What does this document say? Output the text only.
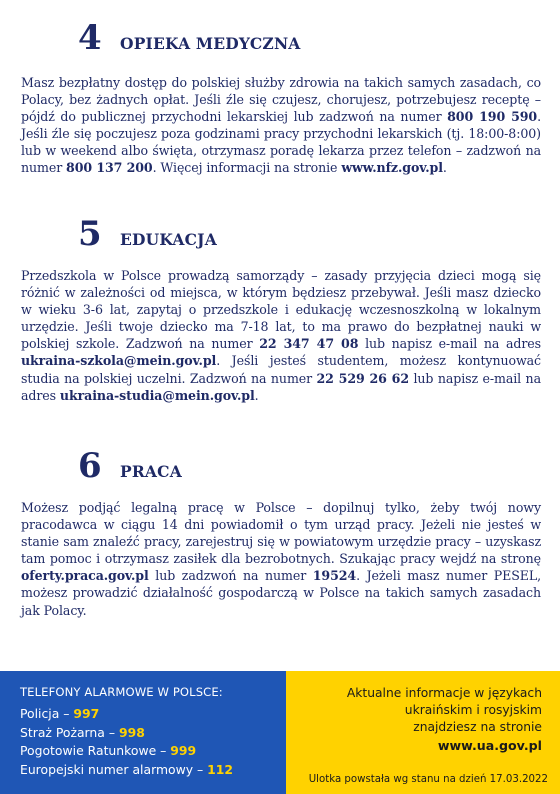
4	OPIEKA MEDYCZNA

Masz bezpłatny dostęp do polskiej służby zdrowia na takich samych zasadach, co Polacy, bez żadnych opłat. Jeśli źle się czujesz, chorujesz, potrzebujesz receptę – pójdź do publicznej przychodni lekarskiej lub zadzwoń na numer 800 190 590. Jeśli źle się poczujesz poza godzinami pracy przychodni lekarskich (tj. 18:00-8:00) lub w weekend albo święta, otrzymasz poradę lekarza przez telefon – zadzwoń na numer 800 137 200. Więcej informacji na stronie www.nfz.gov.pl.

5	EDUKACJA

Przedszkola w Polsce prowadzą samorządy – zasady przyjęcia dzieci mogą się różnić w zależności od miejsca, w którym będziesz przebywał. Jeśli masz dziecko w wieku 3-6 lat, zapytaj o przedszkole i edukację wczesnoszkolną w lokalnym urzędzie. Jeśli twoje dziecko ma 7-18 lat, to ma prawo do bezpłatnej nauki w polskiej szkole. Zadzwoń na numer 22 347 47 08 lub napisz e-mail na adres ukraina-szkola@mein.gov.pl. Jeśli jesteś studentem, możesz kontynuować studia na polskiej uczelni. Zadzwoń na numer 22 529 26 62 lub napisz e-mail na adres ukraina-studia@mein.gov.pl.

6	PRACA

Możesz podjąć legalną pracę w Polsce – dopilnuj tylko, żeby twój nowy pracodawca w ciągu 14 dni powiadomił o tym urząd pracy. Jeżeli nie jesteś w stanie sam znaleźć pracy, zarejestruj się w powiatowym urzędzie pracy – uzyskasz tam pomoc i otrzymasz zasiłek dla bezrobotnych. Szukając pracy wejdź na stronę oferty.praca.gov.pl lub zadzwoń na numer 19524. Jeżeli masz numer PESEL, możesz prowadzić działalność gospodarczą w Polsce na takich samych zasadach jak Polacy.

TELEFONY ALARMOWE W POLSCE:
Policja – 997
Straż Pożarna – 998
Pogotowie Ratunkowe – 999
Europejski numer alarmowy – 112
Aktualne informacje w językach
ukraińskim i rosyjskim
znajdziesz na stronie
www.ua.gov.pl
Ulotka powstała wg stanu na dzień 17.03.2022
